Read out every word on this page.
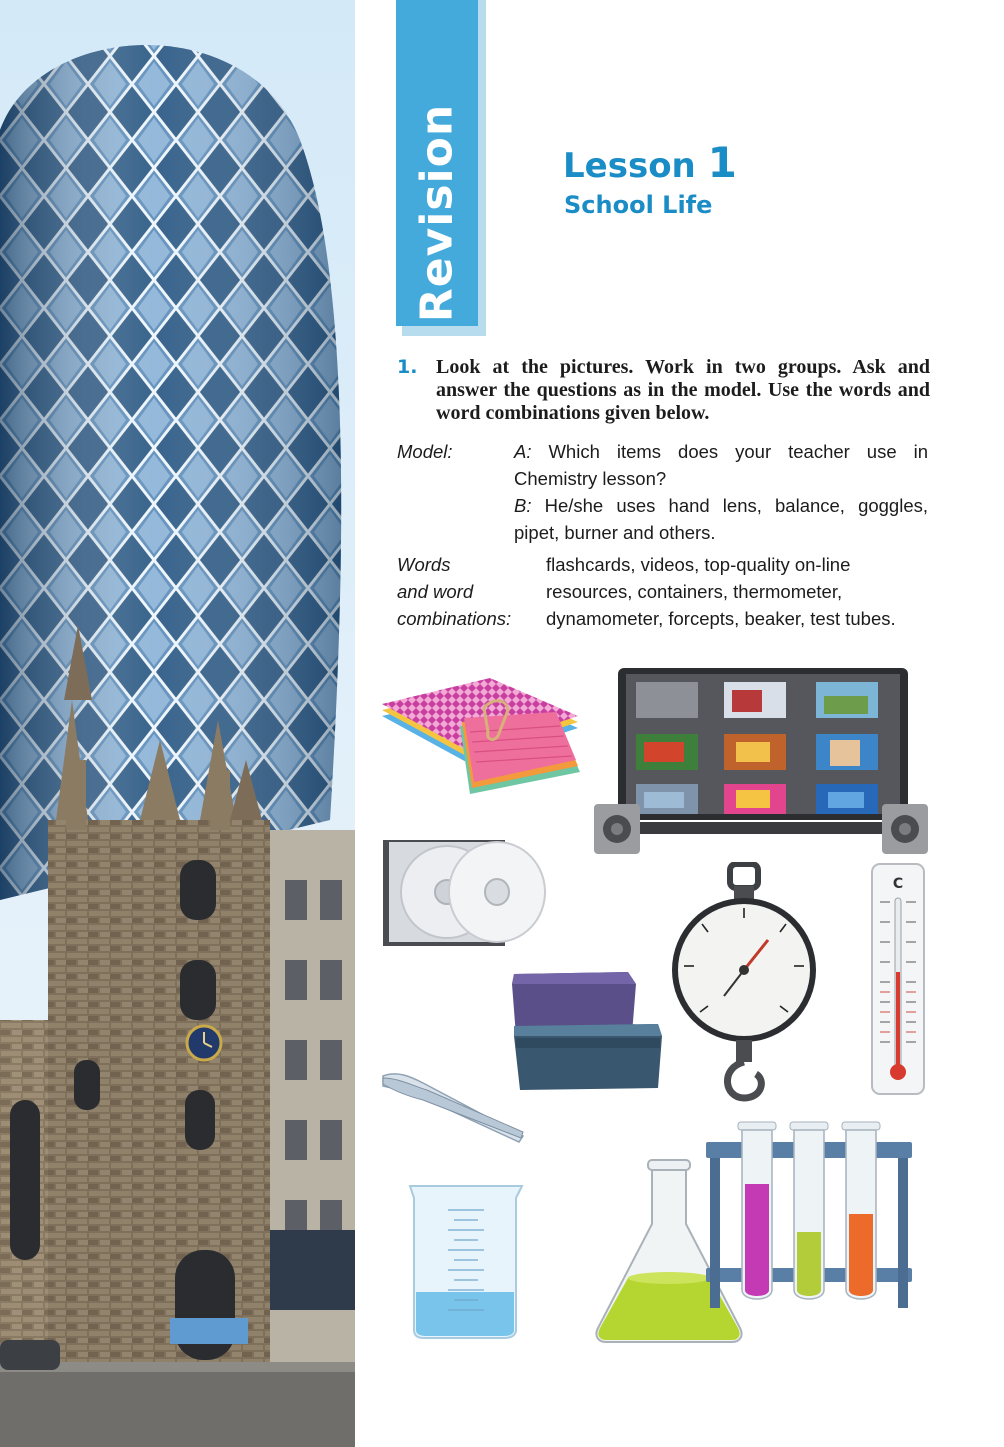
Revision	Lesson 1
School Life
1. Look at the pictures. Work in two groups. Ask and answer the questions as in the model. Use the words and word combinations given below.
Model:	A: Which items does your teacher use in Chemistry lesson?

B: He/she uses hand lens, balance, goggles, pipet, burner and others.

Words
and word
combinations:
flashcards, videos, top-quality on-line resources, containers, thermometer, dynamometer, forcepts, beaker, test tubes.
C
